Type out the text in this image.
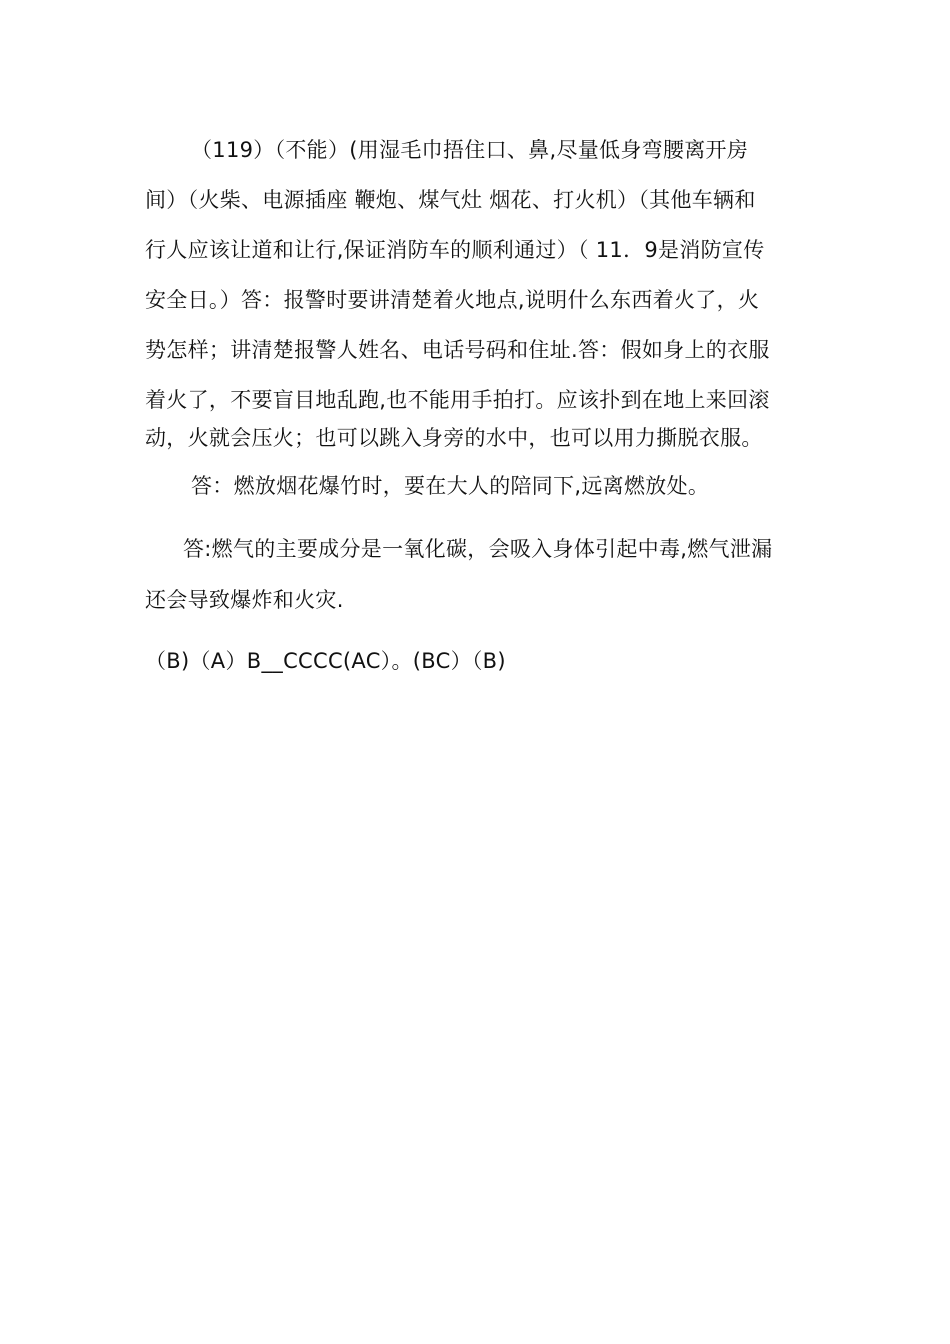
（119）（不能）(用湿毛巾捂住口、鼻,尽量低身弯腰离开房
间）（火柴、电源插座 鞭炮、煤气灶 烟花、打火机）（其他车辆和
行人应该让道和让行,保证消防车的顺利通过）（ 11．9是消防宣传
安全日。）答：报警时要讲清楚着火地点,说明什么东西着火了，火
势怎样；讲清楚报警人姓名、电话号码和住址.答：假如身上的衣服
着火了，不要盲目地乱跑,也不能用手拍打。应该扑到在地上来回滚
动，火就会压火；也可以跳入身旁的水中，也可以用力撕脱衣服。
答：燃放烟花爆竹时，要在大人的陪同下,远离燃放处。
答:燃气的主要成分是一氧化碳，会吸入身体引起中毒,燃气泄漏
还会导致爆炸和火灾.
（B)（A）B__CCCC(AC）。(BC）（B)
